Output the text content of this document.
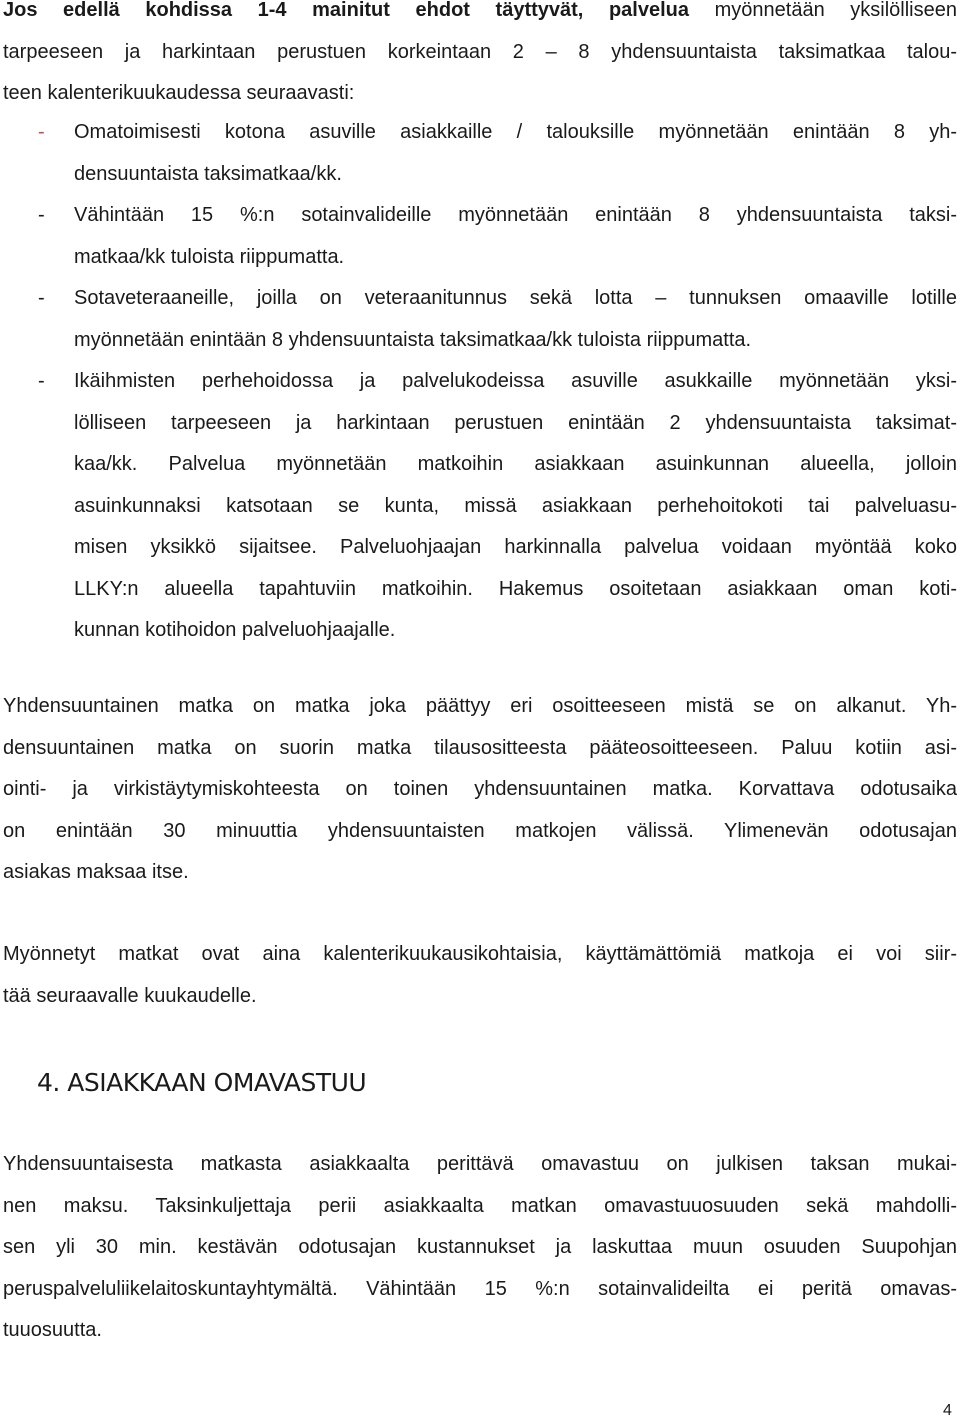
Jos edellä kohdissa 1-4 mainitut ehdot täyttyvät, palvelua myönnetään yksilölliseen
tarpeeseen ja harkintaan perustuen korkeintaan 2 – 8 yhdensuuntaista taksimatkaa talou-
teen kalenterikuukaudessa seuraavasti:

- Omatoimisesti kotona asuville asiakkaille / talouksille myönnetään enintään 8 yh-
densuuntaista taksimatkaa/kk.
- Vähintään 15 %:n sotainvalideille myönnetään enintään 8 yhdensuuntaista taksi-
matkaa/kk tuloista riippumatta.
- Sotaveteraaneille, joilla on veteraanitunnus sekä lotta – tunnuksen omaaville lotille
myönnetään enintään 8 yhdensuuntaista taksimatkaa/kk tuloista riippumatta.
- Ikäihmisten perhehoidossa ja palvelukodeissa asuville asukkaille myönnetään yksi-
lölliseen tarpeeseen ja harkintaan perustuen enintään 2 yhdensuuntaista taksimat-
kaa/kk. Palvelua myönnetään matkoihin asiakkaan asuinkunnan alueella, jolloin
asuinkunnaksi katsotaan se kunta, missä asiakkaan perhehoitokoti tai palveluasu-
misen yksikkö sijaitsee. Palveluohjaajan harkinnalla palvelua voidaan myöntää koko
LLKY:n alueella tapahtuviin matkoihin. Hakemus osoitetaan asiakkaan oman koti-
kunnan kotihoidon palveluohjaajalle.

Yhdensuuntainen matka on matka joka päättyy eri osoitteeseen mistä se on alkanut. Yh-
densuuntainen matka on suorin matka tilausositteesta pääteosoitteeseen. Paluu kotiin asi-
ointi- ja virkistäytymiskohteesta on toinen yhdensuuntainen matka. Korvattava odotusaika
on enintään 30 minuuttia yhdensuuntaisten matkojen välissä. Ylimenevän odotusajan
asiakas maksaa itse.

Myönnetyt matkat ovat aina kalenterikuukausikohtaisia, käyttämättömiä matkoja ei voi siir-
tää seuraavalle kuukaudelle.

4. ASIAKKAAN OMAVASTUU

Yhdensuuntaisesta matkasta asiakkaalta perittävä omavastuu on julkisen taksan mukai-
nen maksu. Taksinkuljettaja perii asiakkaalta matkan omavastuuosuuden sekä mahdolli-
sen yli 30 min. kestävän odotusajan kustannukset ja laskuttaa muun osuuden Suupohjan
peruspalveluliikelaitoskuntayhtymältä. Vähintään 15 %:n sotainvalideilta ei peritä omavas-
tuuosuutta.

4
